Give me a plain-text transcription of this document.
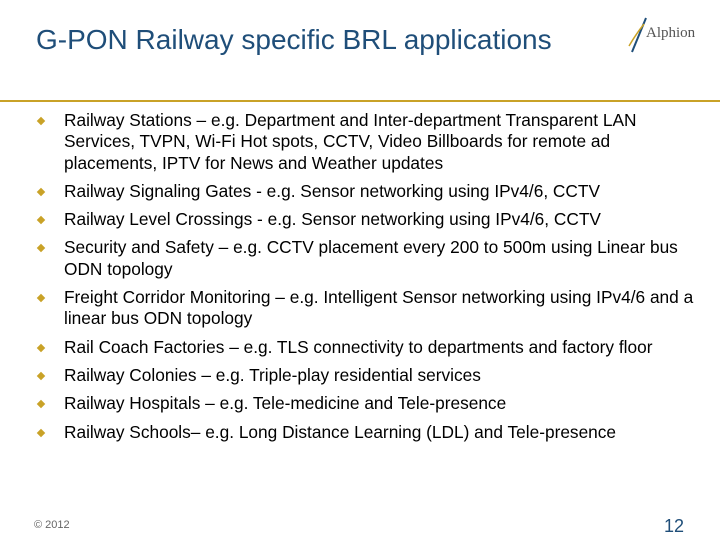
G-PON Railway specific BRL applications	Alphion
Railway Stations – e.g. Department and Inter-department Transparent LAN Services, TVPN, Wi-Fi Hot spots, CCTV, Video Billboards for remote ad placements, IPTV for News and Weather updates
Railway Signaling Gates - e.g. Sensor networking using IPv4/6, CCTV
Railway Level Crossings - e.g. Sensor networking using IPv4/6, CCTV
Security and Safety – e.g. CCTV placement every 200 to 500m using Linear bus ODN topology
Freight Corridor Monitoring – e.g. Intelligent Sensor networking using IPv4/6 and a linear bus ODN topology
Rail Coach Factories – e.g. TLS connectivity to departments and factory floor
Railway Colonies – e.g. Triple-play residential services
Railway Hospitals – e.g. Tele-medicine and Tele-presence
Railway Schools– e.g. Long Distance Learning (LDL) and Tele-presence
© 2012	12
